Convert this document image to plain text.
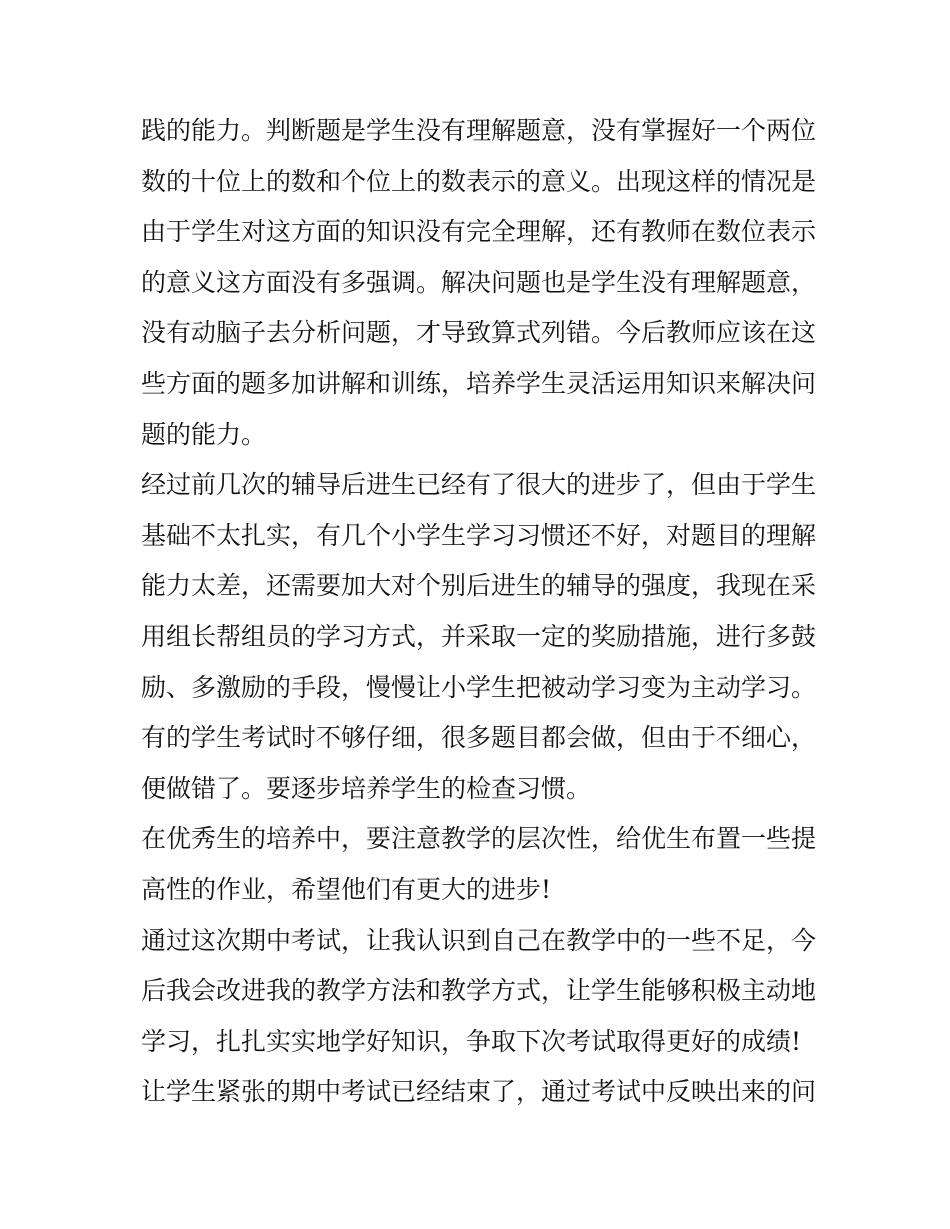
践的能力。判断题是学生没有理解题意，没有掌握好一个两位
数的十位上的数和个位上的数表示的意义。出现这样的情况是
由于学生对这方面的知识没有完全理解，还有教师在数位表示
的意义这方面没有多强调。解决问题也是学生没有理解题意，
没有动脑子去分析问题，才导致算式列错。今后教师应该在这
些方面的题多加讲解和训练，培养学生灵活运用知识来解决问
题的能力。
经过前几次的辅导后进生已经有了很大的进步了，但由于学生
基础不太扎实，有几个小学生学习习惯还不好，对题目的理解
能力太差，还需要加大对个别后进生的辅导的强度，我现在采
用组长帮组员的学习方式，并采取一定的奖励措施，进行多鼓
励、多激励的手段，慢慢让小学生把被动学习变为主动学习。
有的学生考试时不够仔细，很多题目都会做，但由于不细心，
便做错了。要逐步培养学生的检查习惯。
在优秀生的培养中，要注意教学的层次性，给优生布置一些提
高性的作业，希望他们有更大的进步!
通过这次期中考试，让我认识到自己在教学中的一些不足，今
后我会改进我的教学方法和教学方式，让学生能够积极主动地
学习，扎扎实实地学好知识，争取下次考试取得更好的成绩!
让学生紧张的期中考试已经结束了，通过考试中反映出来的问
